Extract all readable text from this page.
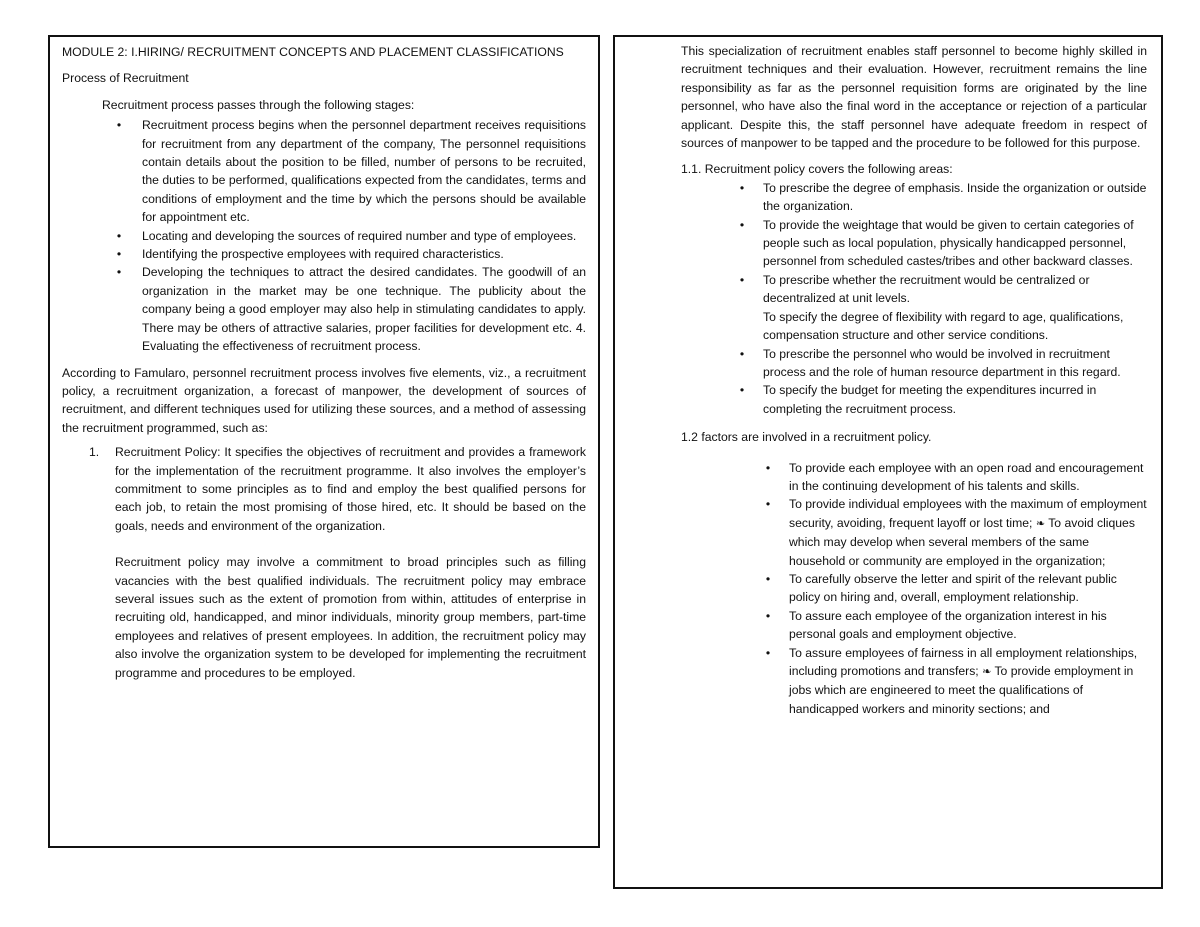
MODULE 2: I.HIRING/ RECRUITMENT CONCEPTS AND PLACEMENT CLASSIFICATIONS

Process of Recruitment

Recruitment process passes through the following stages:

• Recruitment process begins when the personnel department receives requisitions for recruitment from any department of the company, The personnel requisitions contain details about the position to be filled, number of persons to be recruited, the duties to be performed, qualifications expected from the candidates, terms and conditions of employment and the time by which the persons should be available for appointment etc.
• Locating and developing the sources of required number and type of employees.
• Identifying the prospective employees with required characteristics.
• Developing the techniques to attract the desired candidates. The goodwill of an organization in the market may be one technique. The publicity about the company being a good employer may also help in stimulating candidates to apply. There may be others of attractive salaries, proper facilities for development etc. 4. Evaluating the effectiveness of recruitment process.

According to Famularo, personnel recruitment process involves five elements, viz., a recruitment policy, a recruitment organization, a forecast of manpower, the development of sources of recruitment, and different techniques used for utilizing these sources, and a method of assessing the recruitment programmed, such as:

1. Recruitment Policy: It specifies the objectives of recruitment and provides a framework for the implementation of the recruitment programme. It also involves the employer’s commitment to some principles as to find and employ the best qualified persons for each job, to retain the most promising of those hired, etc. It should be based on the goals, needs and environment of the organization.
Recruitment policy may involve a commitment to broad principles such as filling vacancies with the best qualified individuals. The recruitment policy may embrace several issues such as the extent of promotion from within, attitudes of enterprise in recruiting old, handicapped, and minor individuals, minority group members, part-time employees and relatives of present employees. In addition, the recruitment policy may also involve the organization system to be developed for implementing the recruitment programme and procedures to be employed.

This specialization of recruitment enables staff personnel to become highly skilled in recruitment techniques and their evaluation. However, recruitment remains the line responsibility as far as the personnel requisition forms are originated by the line personnel, who have also the final word in the acceptance or rejection of a particular applicant. Despite this, the staff personnel have adequate freedom in respect of sources of manpower to be tapped and the procedure to be followed for this purpose.

1.1. Recruitment policy covers the following areas:

• To prescribe the degree of emphasis. Inside the organization or outside the organization.
• To provide the weightage that would be given to certain categories of people such as local population, physically handicapped personnel, personnel from scheduled castes/tribes and other backward classes.
• To prescribe whether the recruitment would be centralized or decentralized at unit levels.
To specify the degree of flexibility with regard to age, qualifications, compensation structure and other service conditions.
• To prescribe the personnel who would be involved in recruitment process and the role of human resource department in this regard.
• To specify the budget for meeting the expenditures incurred in completing the recruitment process.

1.2 factors are involved in a recruitment policy.

• To provide each employee with an open road and encouragement in the continuing development of his talents and skills.
• To provide individual employees with the maximum of employment security, avoiding, frequent layoff or lost time; ❧ To avoid cliques which may develop when several members of the same household or community are employed in the organization;
• To carefully observe the letter and spirit of the relevant public policy on hiring and, overall, employment relationship.
• To assure each employee of the organization interest in his personal goals and employment objective.
• To assure employees of fairness in all employment relationships, including promotions and transfers; ❧ To provide employment in jobs which are engineered to meet the qualifications of handicapped workers and minority sections; and
